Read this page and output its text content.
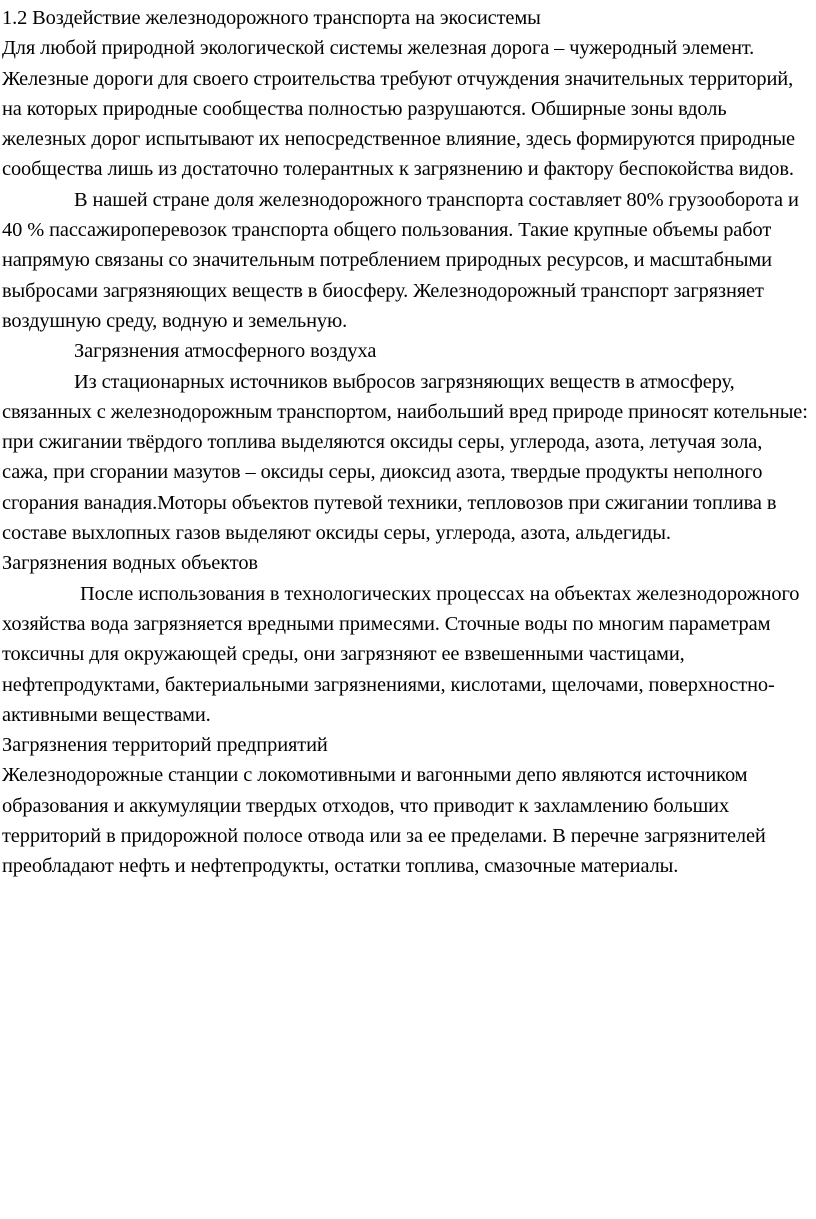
1.2 Воздействие железнодорожного транспорта на экосистемы
Для любой природной экологической системы железная дорога – чужеродный элемент. Железные дороги для своего строительства требуют отчуждения значительных территорий, на которых природные сообщества полностью разрушаются. Обширные зоны вдоль железных дорог испытывают их непосредственное влияние, здесь формируются природные сообщества лишь из достаточно толерантных к загрязнению и фактору беспокойства видов.
В нашей стране доля железнодорожного транспорта составляет 80% грузооборота и 40 % пассажироперевозок транспорта общего пользования. Такие крупные объемы работ напрямую связаны со значительным потреблением природных ресурсов, и масштабными выбросами загрязняющих веществ в биосферу. Железнодорожный транспорт загрязняет воздушную среду, водную и земельную.
Загрязнения атмосферного воздуха
Из стационарных источников выбросов загрязняющих веществ в атмосферу, связанных с железнодорожным транспортом, наибольший вред природе приносят котельные: при сжигании твёрдого топлива выделяются оксиды серы, углерода, азота, летучая зола, сажа, при сгорании мазутов – оксиды серы, диоксид азота, твердые продукты неполного сгорания ванадия.Моторы объектов путевой техники, тепловозов при сжигании топлива в составе выхлопных газов выделяют оксиды серы, углерода, азота, альдегиды.
Загрязнения водных объектов
После использования в технологических процессах на объектах железнодорожного хозяйства вода загрязняется вредными примесями. Сточные воды по многим параметрам токсичны для окружающей среды, они загрязняют ее взвешенными частицами, нефтепродуктами, бактериальными загрязнениями, кислотами, щелочами, поверхностно-активными веществами.
Загрязнения территорий предприятий
Железнодорожные станции с локомотивными и вагонными депо являются источником образования и аккумуляции твердых отходов, что приводит к захламлению больших территорий в придорожной полосе отвода или за ее пределами. В перечне загрязнителей преобладают нефть и нефтепродукты, остатки топлива, смазочные материалы.
